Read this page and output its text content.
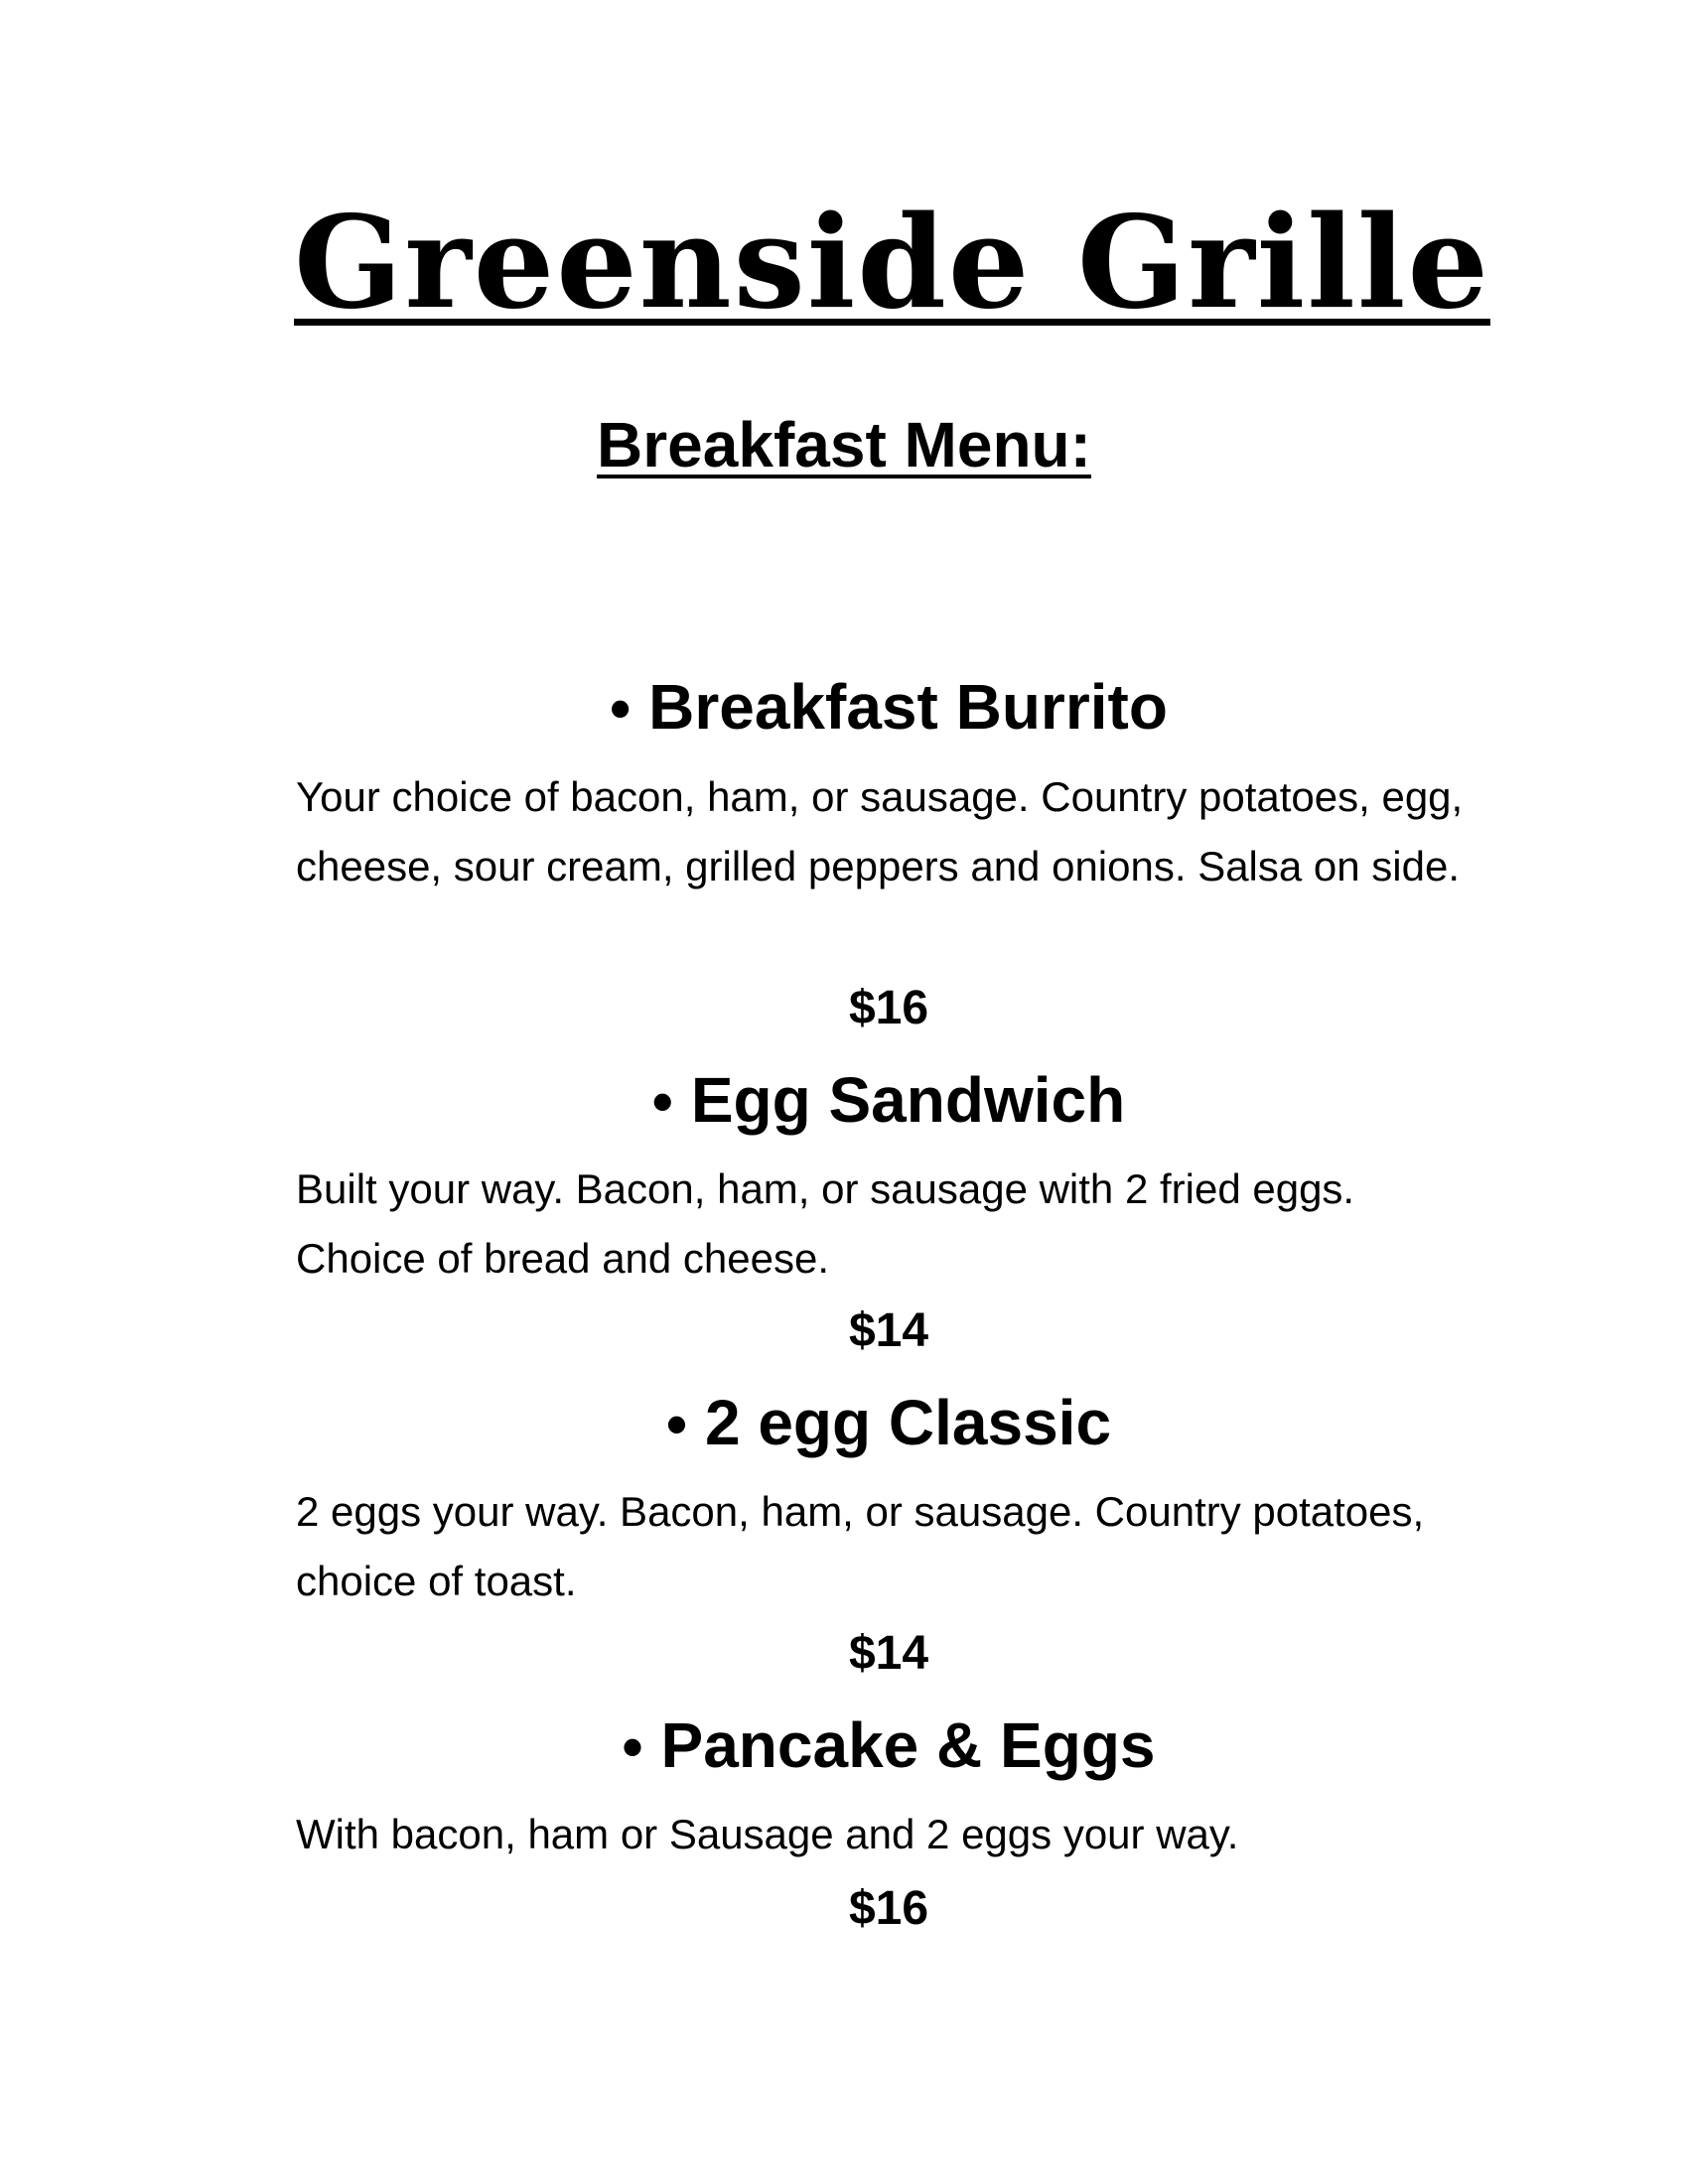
Greenside Grille
Breakfast Menu:
• Breakfast Burrito
Your choice of bacon, ham, or sausage. Country potatoes, egg, cheese, sour cream, grilled peppers and onions. Salsa on side.
$16
• Egg Sandwich
Built your way. Bacon, ham, or sausage with 2 fried eggs. Choice of bread and cheese.
$14
• 2 egg Classic
2 eggs your way. Bacon, ham, or sausage. Country potatoes, choice of toast.
$14
• Pancake & Eggs
With bacon, ham or Sausage and 2 eggs your way.
$16
